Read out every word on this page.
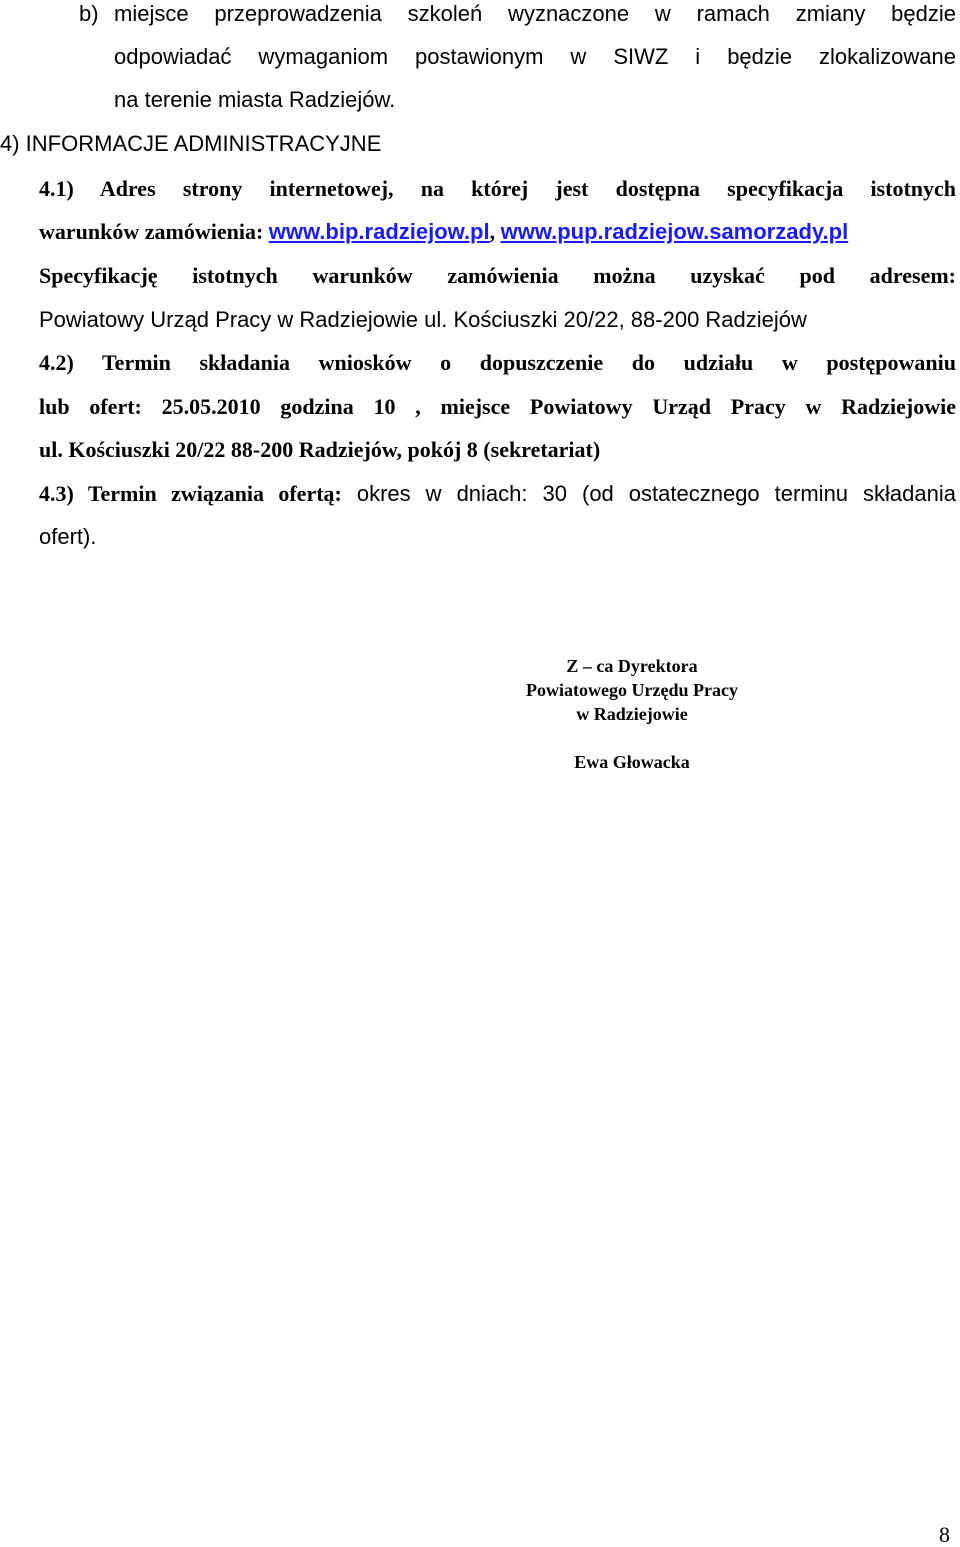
b) miejsce przeprowadzenia szkoleń wyznaczone w ramach zmiany będzie
odpowiadać wymaganiom postawionym w SIWZ i będzie zlokalizowane
na terenie miasta Radziejów.
4) INFORMACJE ADMINISTRACYJNE
4.1) Adres strony internetowej, na której jest dostępna specyfikacja istotnych
warunków zamówienia: www.bip.radziejow.pl, www.pup.radziejow.samorzady.pl
Specyfikację istotnych warunków zamówienia można uzyskać pod adresem:
Powiatowy Urząd Pracy w Radziejowie ul. Kościuszki 20/22, 88-200 Radziejów
4.2) Termin składania wniosków o dopuszczenie do udziału w postępowaniu
lub ofert: 25.05.2010 godzina 10 , miejsce Powiatowy Urząd Pracy w Radziejowie
ul. Kościuszki 20/22 88-200 Radziejów, pokój 8 (sekretariat)
4.3) Termin związania ofertą: okres w dniach: 30 (od ostatecznego terminu składania
ofert).
Z – ca Dyrektora
Powiatowego Urzędu Pracy
w Radziejowie
Ewa Głowacka
8
